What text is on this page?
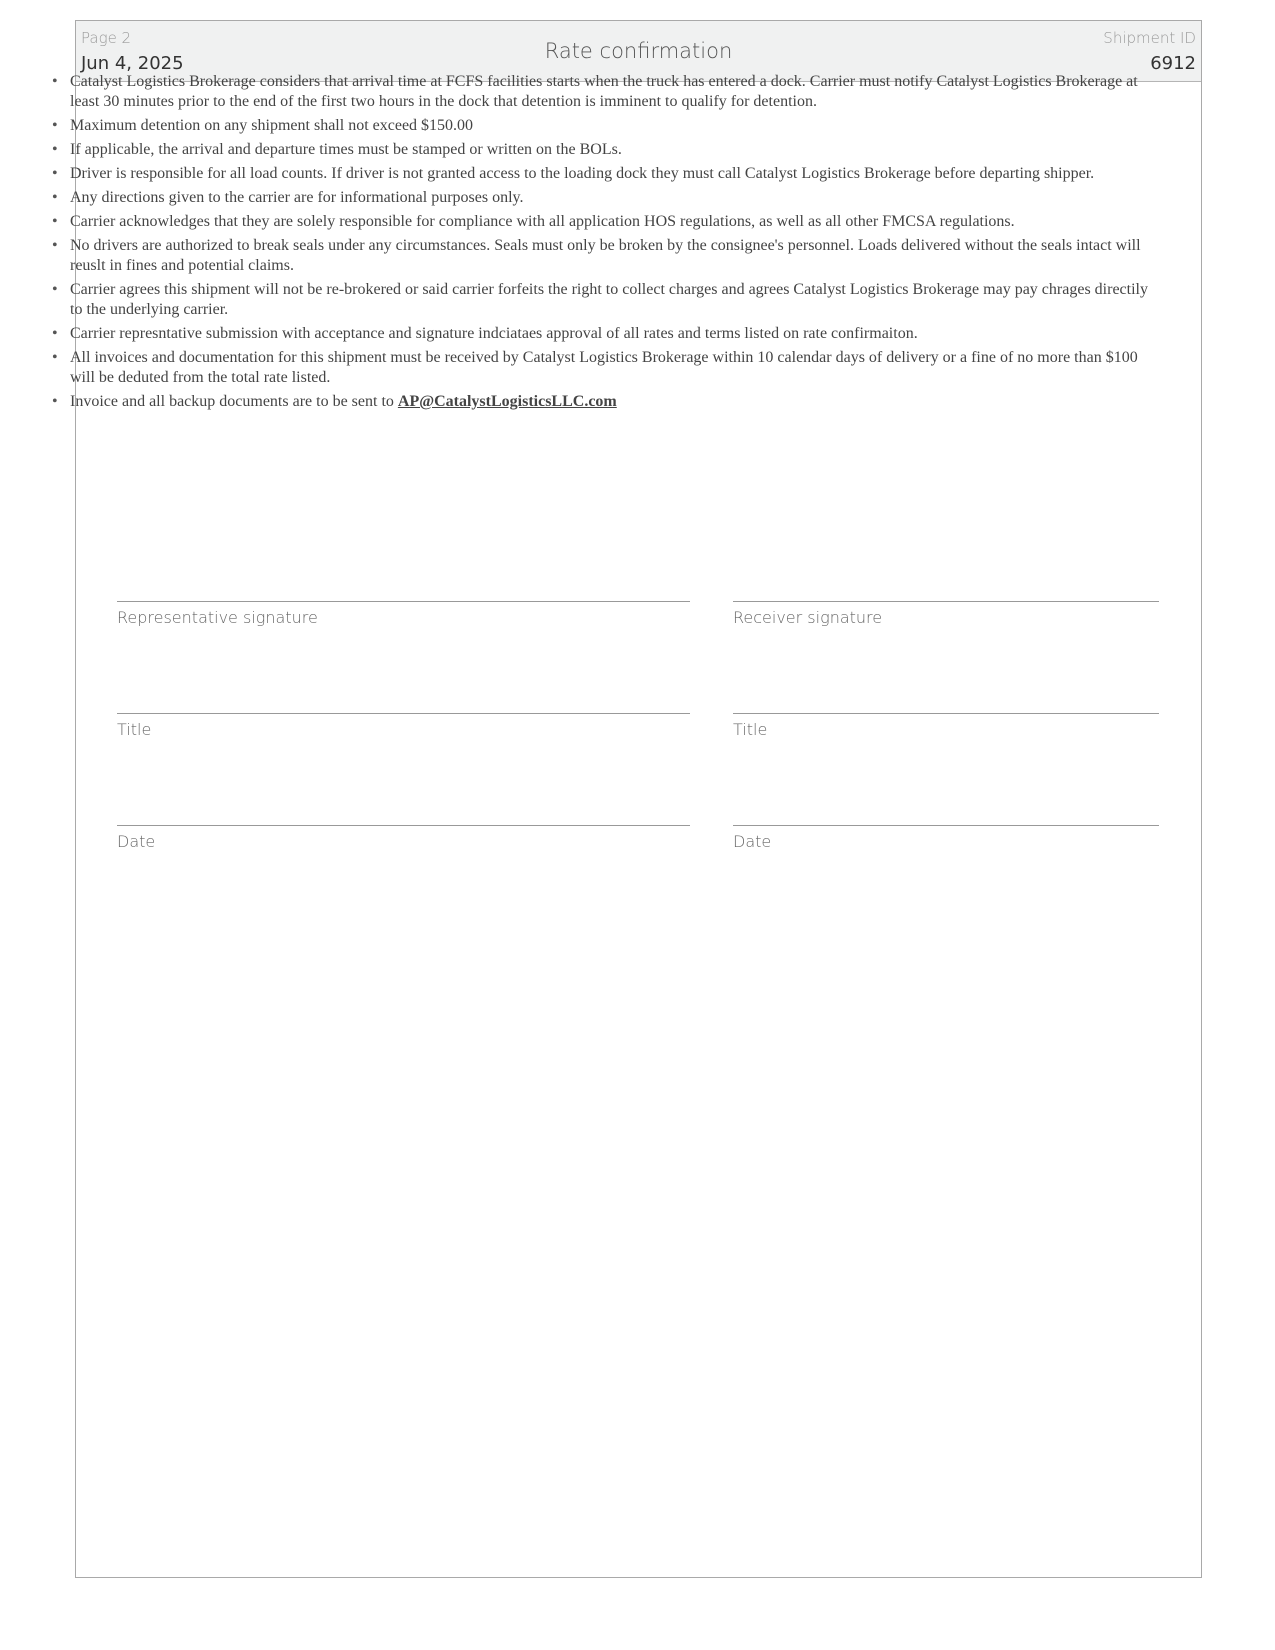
Page 2
Jun 4, 2025
Rate confirmation
Shipment ID
6912
• Catalyst Logistics Brokerage considers that arrival time at FCFS facilities starts when the truck has entered a dock. Carrier must notify Catalyst Logistics Brokerage at least 30 minutes prior to the end of the first two hours in the dock that detention is imminent to qualify for detention.
• Maximum detention on any shipment shall not exceed $150.00
• If applicable, the arrival and departure times must be stamped or written on the BOLs.
• Driver is responsible for all load counts. If driver is not granted access to the loading dock they must call Catalyst Logistics Brokerage before departing shipper.
• Any directions given to the carrier are for informational purposes only.
• Carrier acknowledges that they are solely responsible for compliance with all application HOS regulations, as well as all other FMCSA regulations.
• No drivers are authorized to break seals under any circumstances. Seals must only be broken by the consignee's personnel. Loads delivered without the seals intact will reuslt in fines and potential claims.
• Carrier agrees this shipment will not be re-brokered or said carrier forfeits the right to collect charges and agrees Catalyst Logistics Brokerage may pay chrages directily to the underlying carrier.
• Carrier represntative submission with acceptance and signature indciataes approval of all rates and terms listed on rate confirmaiton.
• All invoices and documentation for this shipment must be received by Catalyst Logistics Brokerage within 10 calendar days of delivery or a fine of no more than $100 will be deduted from the total rate listed.
• Invoice and all backup documents are to be sent to AP@CatalystLogisticsLLC.com
Representative signature	Receiver signature
Title	Title
Date	Date
